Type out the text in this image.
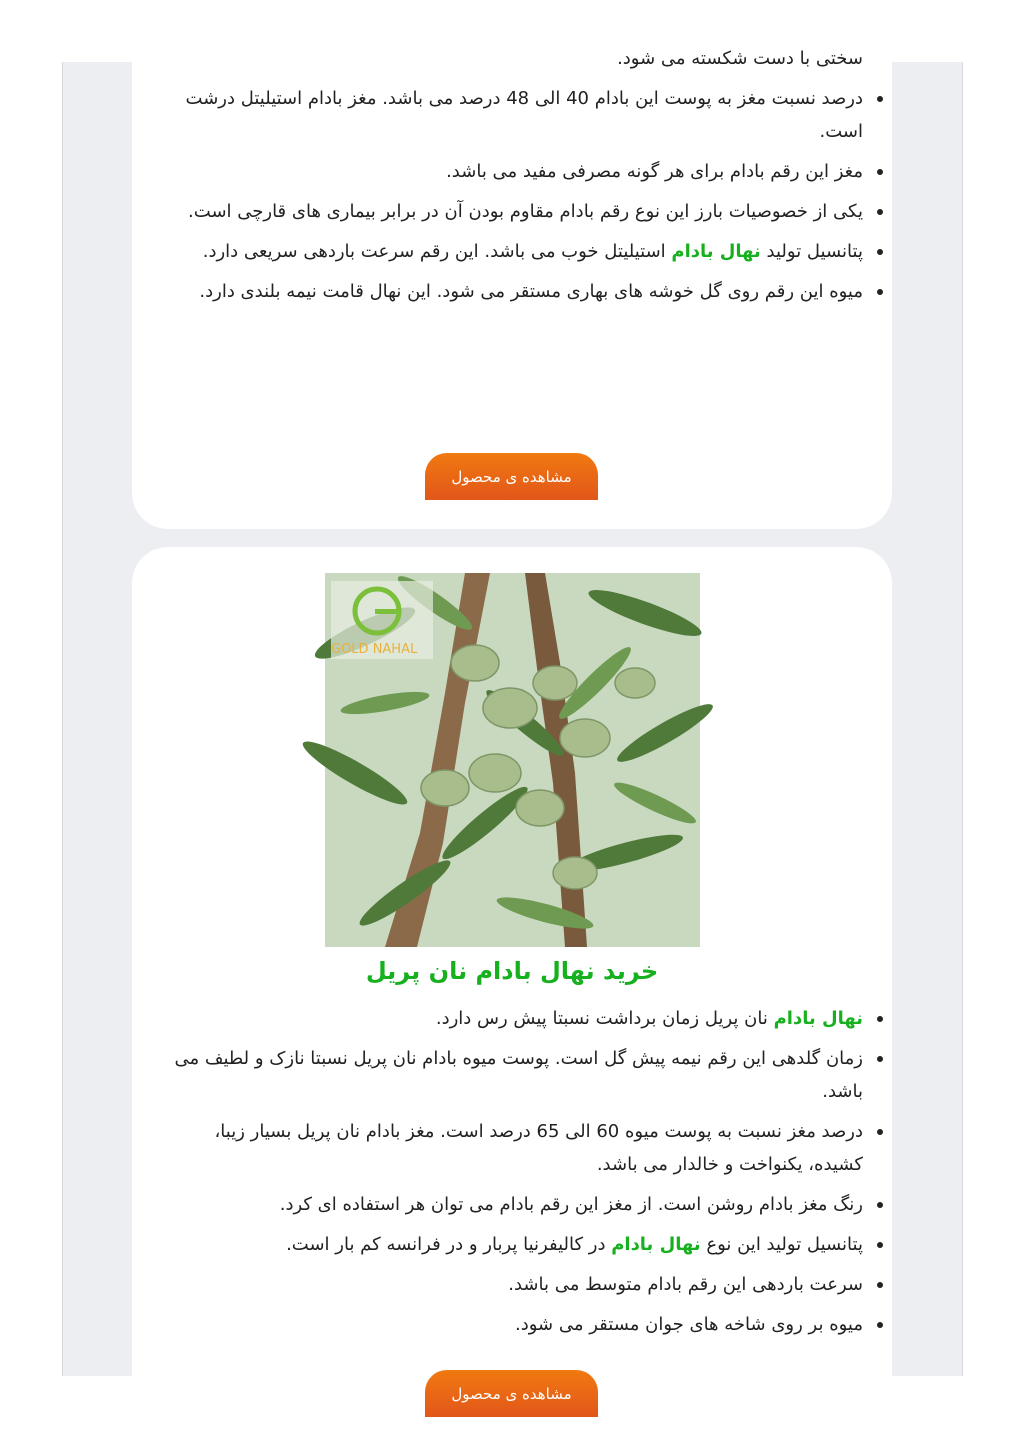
سختی با دست شکسته می شود.
درصد نسبت مغز به پوست این بادام 40 الی 48 درصد می باشد. مغز بادام استیلیتل درشت است.
مغز این رقم بادام برای هر گونه مصرفی مفید می باشد.
یکی از خصوصیات بارز این نوع رقم بادام مقاوم بودن آن در برابر بیماری های قارچی است.
پتانسیل تولید نهال بادام استیلیتل خوب می باشد. این رقم سرعت باردهی سریعی دارد.
میوه این رقم روی گل خوشه های بهاری مستقر می شود. این نهال قامت نیمه بلندی دارد.
مشاهده ی محصول
GOLD NAHAL
خرید نهال بادام نان پریل
نهال بادام نان پریل زمان برداشت نسبتا پیش رس دارد.
زمان گلدهی این رقم نیمه پیش گل است. پوست میوه بادام نان پریل نسبتا نازک و لطیف می باشد.
درصد مغز نسبت به پوست میوه 60 الی 65 درصد است. مغز بادام نان پریل بسیار زیبا، کشیده، یکنواخت و خالدار می باشد.
رنگ مغز بادام روشن است. از مغز این رقم بادام می توان هر استفاده ای کرد.
پتانسیل تولید این نوع نهال بادام در کالیفرنیا پربار و در فرانسه کم بار است.
سرعت باردهی این رقم بادام متوسط می باشد.
میوه بر روی شاخه های جوان مستقر می شود.
مشاهده ی محصول
